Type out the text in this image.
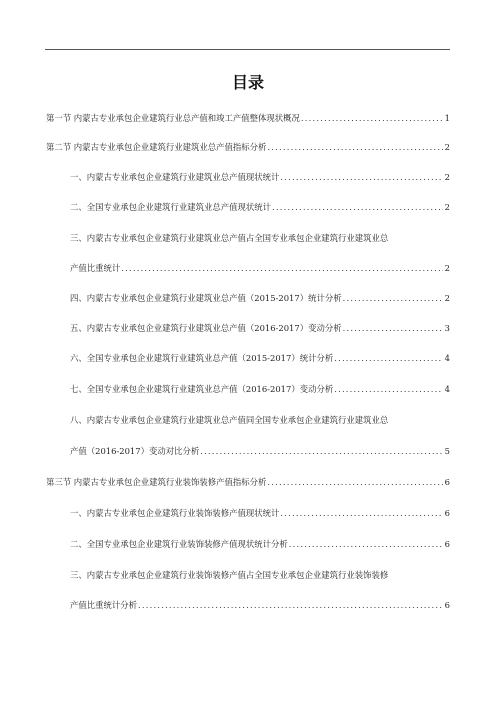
目录
第一节 内蒙古专业承包企业建筑行业总产值和竣工产值整体现状概况 .....	1
第二节 内蒙古专业承包企业建筑行业建筑业总产值指标分析 .....	2
一、内蒙古专业承包企业建筑行业建筑业总产值现状统计 .....	2
二、全国专业承包企业建筑行业建筑业总产值现状统计 .....	2
三、内蒙古专业承包企业建筑行业建筑业总产值占全国专业承包企业建筑行业建筑业总
产值比重统计 .....	2
四、内蒙古专业承包企业建筑行业建筑业总产值（2015-2017）统计分析 .....	2
五、内蒙古专业承包企业建筑行业建筑业总产值（2016-2017）变动分析 .....	3
六、全国专业承包企业建筑行业建筑业总产值（2015-2017）统计分析 .....	4
七、全国专业承包企业建筑行业建筑业总产值（2016-2017）变动分析 .....	4
八、内蒙古专业承包企业建筑行业建筑业总产值同全国专业承包企业建筑行业建筑业总
产值（2016-2017）变动对比分析 .....	5
第三节 内蒙古专业承包企业建筑行业装饰装修产值指标分析 .....	6
一、内蒙古专业承包企业建筑行业装饰装修产值现状统计 .....	6
二、全国专业承包企业建筑行业装饰装修产值现状统计分析 .....	6
三、内蒙古专业承包企业建筑行业装饰装修产值占全国专业承包企业建筑行业装饰装修
产值比重统计分析 .....	6
